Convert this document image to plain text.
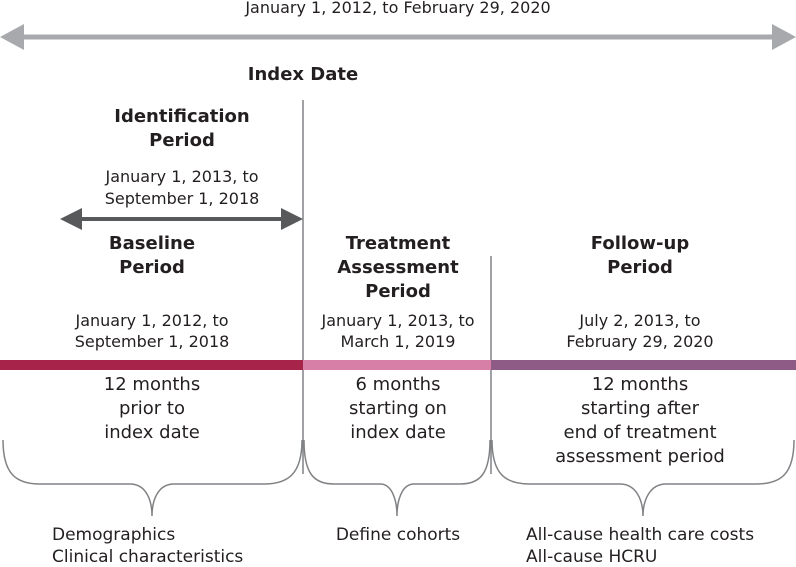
January 1, 2012, to February 29, 2020
Index Date
Identification
Period
January 1, 2013, to
September 1, 2018
Baseline
Period
January 1, 2012, to
September 1, 2018
12 months
prior to
index date
Demographics
Clinical characteristics
Treatment
Assessment
Period
January 1, 2013, to
March 1, 2019
6 months
starting on
index date
Define cohorts
Follow-up
Period
July 2, 2013, to
February 29, 2020
12 months
starting after
end of treatment
assessment period
All-cause health care costs
All-cause HCRU
